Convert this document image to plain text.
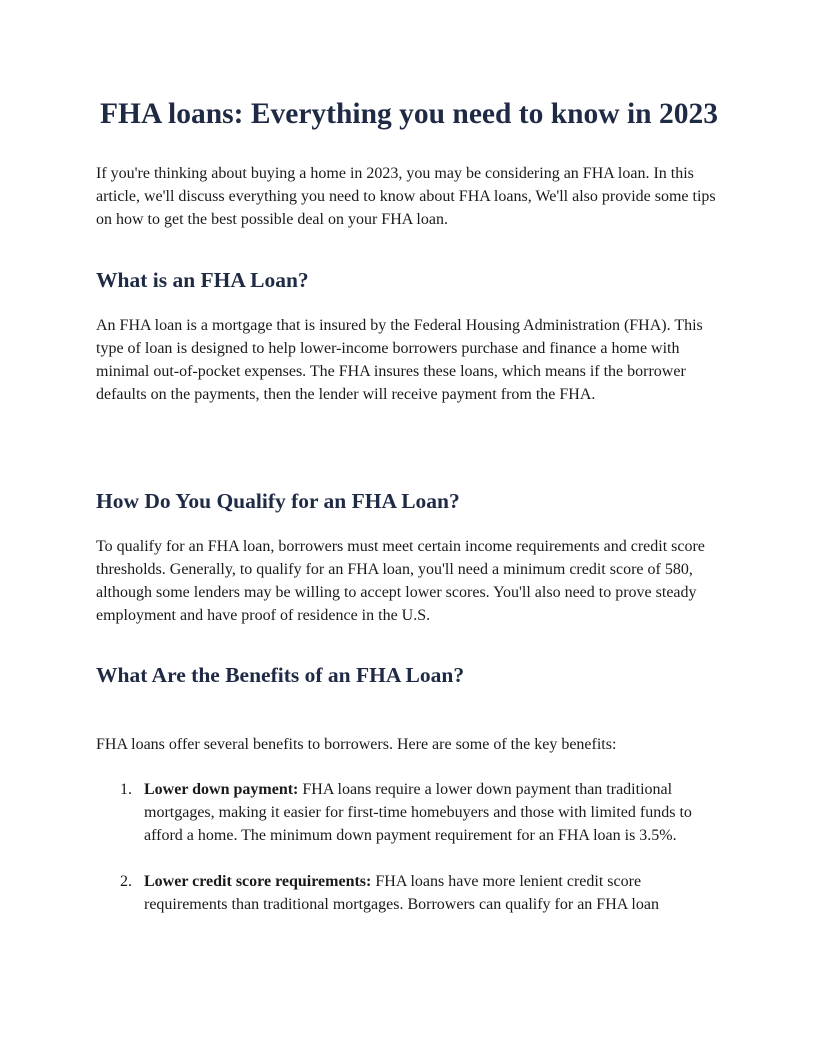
FHA loans: Everything you need to know in 2023

If you're thinking about buying a home in 2023, you may be considering an FHA loan. In this article, we'll discuss everything you need to know about FHA loans, We'll also provide some tips on how to get the best possible deal on your FHA loan.

What is an FHA Loan?

An FHA loan is a mortgage that is insured by the Federal Housing Administration (FHA). This type of loan is designed to help lower-income borrowers purchase and finance a home with minimal out-of-pocket expenses. The FHA insures these loans, which means if the borrower defaults on the payments, then the lender will receive payment from the FHA.

How Do You Qualify for an FHA Loan?

To qualify for an FHA loan, borrowers must meet certain income requirements and credit score thresholds. Generally, to qualify for an FHA loan, you'll need a minimum credit score of 580, although some lenders may be willing to accept lower scores. You'll also need to prove steady employment and have proof of residence in the U.S.

What Are the Benefits of an FHA Loan?

FHA loans offer several benefits to borrowers. Here are some of the key benefits:

1. Lower down payment: FHA loans require a lower down payment than traditional mortgages, making it easier for first-time homebuyers and those with limited funds to afford a home. The minimum down payment requirement for an FHA loan is 3.5%.
2. Lower credit score requirements: FHA loans have more lenient credit score requirements than traditional mortgages. Borrowers can qualify for an FHA loan
